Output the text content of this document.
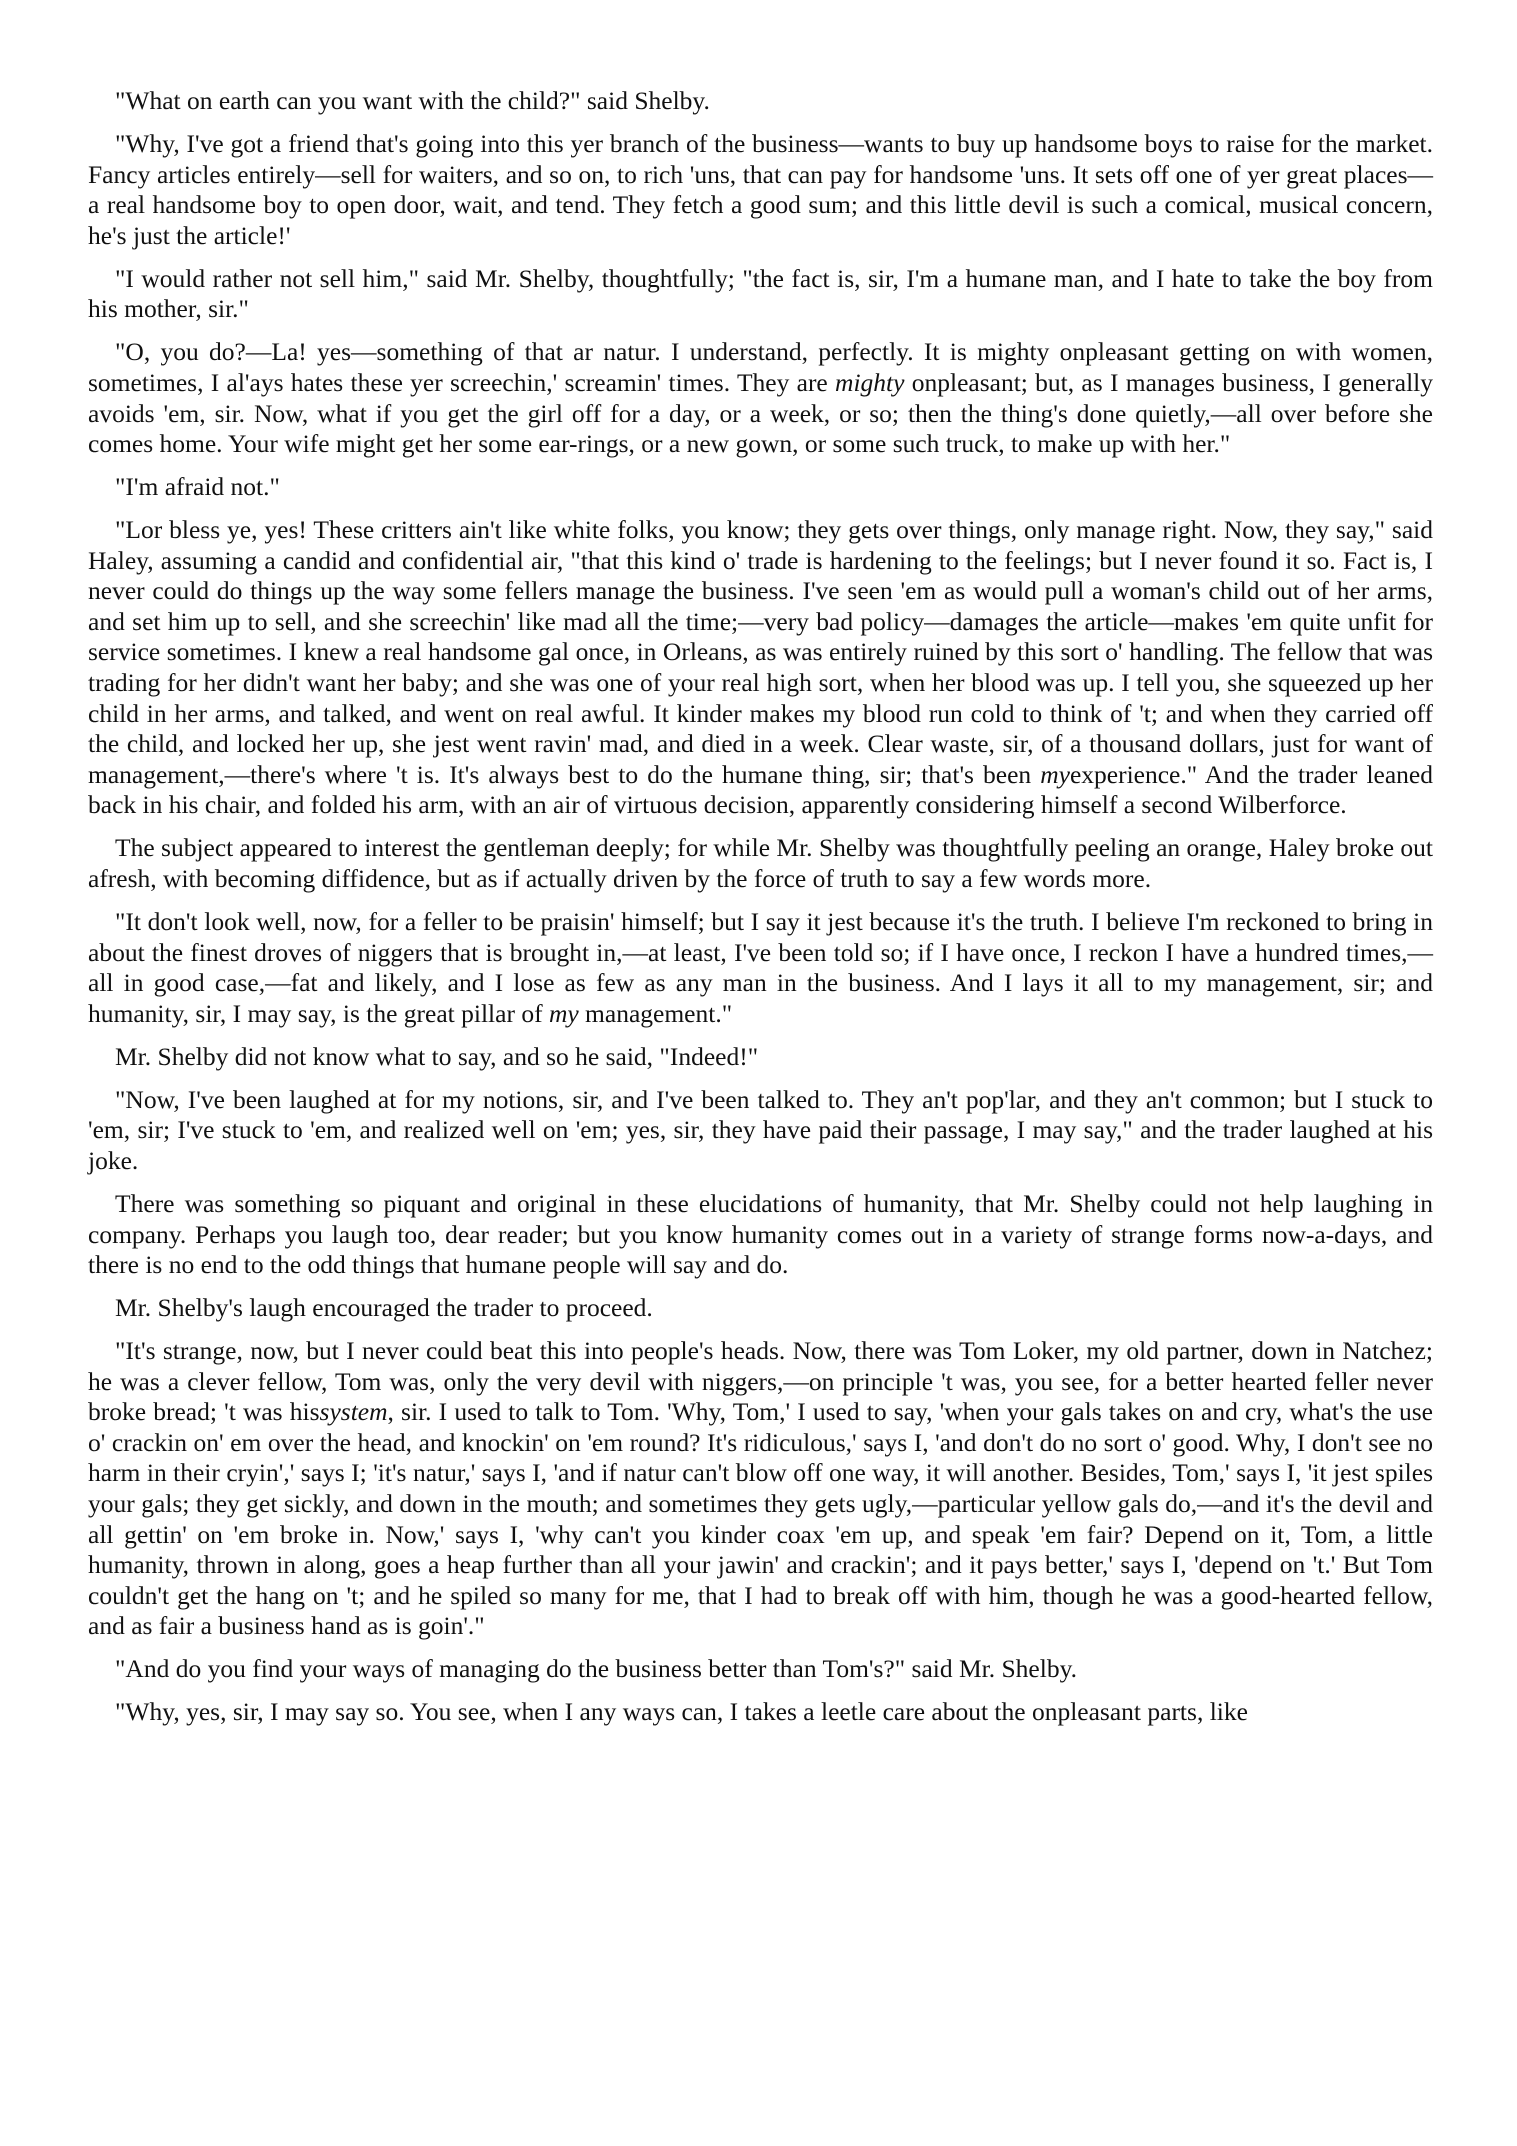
"What on earth can you want with the child?" said Shelby.

"Why, I've got a friend that's going into this yer branch of the business—wants to buy up handsome boys to raise for the market. Fancy articles entirely—sell for waiters, and so on, to rich 'uns, that can pay for handsome 'uns. It sets off one of yer great places—a real handsome boy to open door, wait, and tend. They fetch a good sum; and this little devil is such a comical, musical concern, he's just the article!'

"I would rather not sell him," said Mr. Shelby, thoughtfully; "the fact is, sir, I'm a humane man, and I hate to take the boy from his mother, sir."

"O, you do?—La! yes—something of that ar natur. I understand, perfectly. It is mighty onpleasant getting on with women, sometimes, I al'ays hates these yer screechin,' screamin' times. They are mighty onpleasant; but, as I manages business, I generally avoids 'em, sir. Now, what if you get the girl off for a day, or a week, or so; then the thing's done quietly,—all over before she comes home. Your wife might get her some ear-rings, or a new gown, or some such truck, to make up with her."

"I'm afraid not."

"Lor bless ye, yes! These critters ain't like white folks, you know; they gets over things, only manage right. Now, they say," said Haley, assuming a candid and confidential air, "that this kind o' trade is hardening to the feelings; but I never found it so. Fact is, I never could do things up the way some fellers manage the business. I've seen 'em as would pull a woman's child out of her arms, and set him up to sell, and she screechin' like mad all the time;—very bad policy—damages the article—makes 'em quite unfit for service sometimes. I knew a real handsome gal once, in Orleans, as was entirely ruined by this sort o' handling. The fellow that was trading for her didn't want her baby; and she was one of your real high sort, when her blood was up. I tell you, she squeezed up her child in her arms, and talked, and went on real awful. It kinder makes my blood run cold to think of 't; and when they carried off the child, and locked her up, she jest went ravin' mad, and died in a week. Clear waste, sir, of a thousand dollars, just for want of management,—there's where 't is. It's always best to do the humane thing, sir; that's been myexperience." And the trader leaned back in his chair, and folded his arm, with an air of virtuous decision, apparently considering himself a second Wilberforce.

The subject appeared to interest the gentleman deeply; for while Mr. Shelby was thoughtfully peeling an orange, Haley broke out afresh, with becoming diffidence, but as if actually driven by the force of truth to say a few words more.

"It don't look well, now, for a feller to be praisin' himself; but I say it jest because it's the truth. I believe I'm reckoned to bring in about the finest droves of niggers that is brought in,—at least, I've been told so; if I have once, I reckon I have a hundred times,—all in good case,—fat and likely, and I lose as few as any man in the business. And I lays it all to my management, sir; and humanity, sir, I may say, is the great pillar of my management."

Mr. Shelby did not know what to say, and so he said, "Indeed!"

"Now, I've been laughed at for my notions, sir, and I've been talked to. They an't pop'lar, and they an't common; but I stuck to 'em, sir; I've stuck to 'em, and realized well on 'em; yes, sir, they have paid their passage, I may say," and the trader laughed at his joke.

There was something so piquant and original in these elucidations of humanity, that Mr. Shelby could not help laughing in company. Perhaps you laugh too, dear reader; but you know humanity comes out in a variety of strange forms now-a-days, and there is no end to the odd things that humane people will say and do.

Mr. Shelby's laugh encouraged the trader to proceed.

"It's strange, now, but I never could beat this into people's heads. Now, there was Tom Loker, my old partner, down in Natchez; he was a clever fellow, Tom was, only the very devil with niggers,—on principle 't was, you see, for a better hearted feller never broke bread; 't was hissystem, sir. I used to talk to Tom. 'Why, Tom,' I used to say, 'when your gals takes on and cry, what's the use o' crackin on' em over the head, and knockin' on 'em round? It's ridiculous,' says I, 'and don't do no sort o' good. Why, I don't see no harm in their cryin',' says I; 'it's natur,' says I, 'and if natur can't blow off one way, it will another. Besides, Tom,' says I, 'it jest spiles your gals; they get sickly, and down in the mouth; and sometimes they gets ugly,—particular yellow gals do,—and it's the devil and all gettin' on 'em broke in. Now,' says I, 'why can't you kinder coax 'em up, and speak 'em fair? Depend on it, Tom, a little humanity, thrown in along, goes a heap further than all your jawin' and crackin'; and it pays better,' says I, 'depend on 't.' But Tom couldn't get the hang on 't; and he spiled so many for me, that I had to break off with him, though he was a good-hearted fellow, and as fair a business hand as is goin'."

"And do you find your ways of managing do the business better than Tom's?" said Mr. Shelby.

"Why, yes, sir, I may say so. You see, when I any ways can, I takes a leetle care about the onpleasant parts, like
